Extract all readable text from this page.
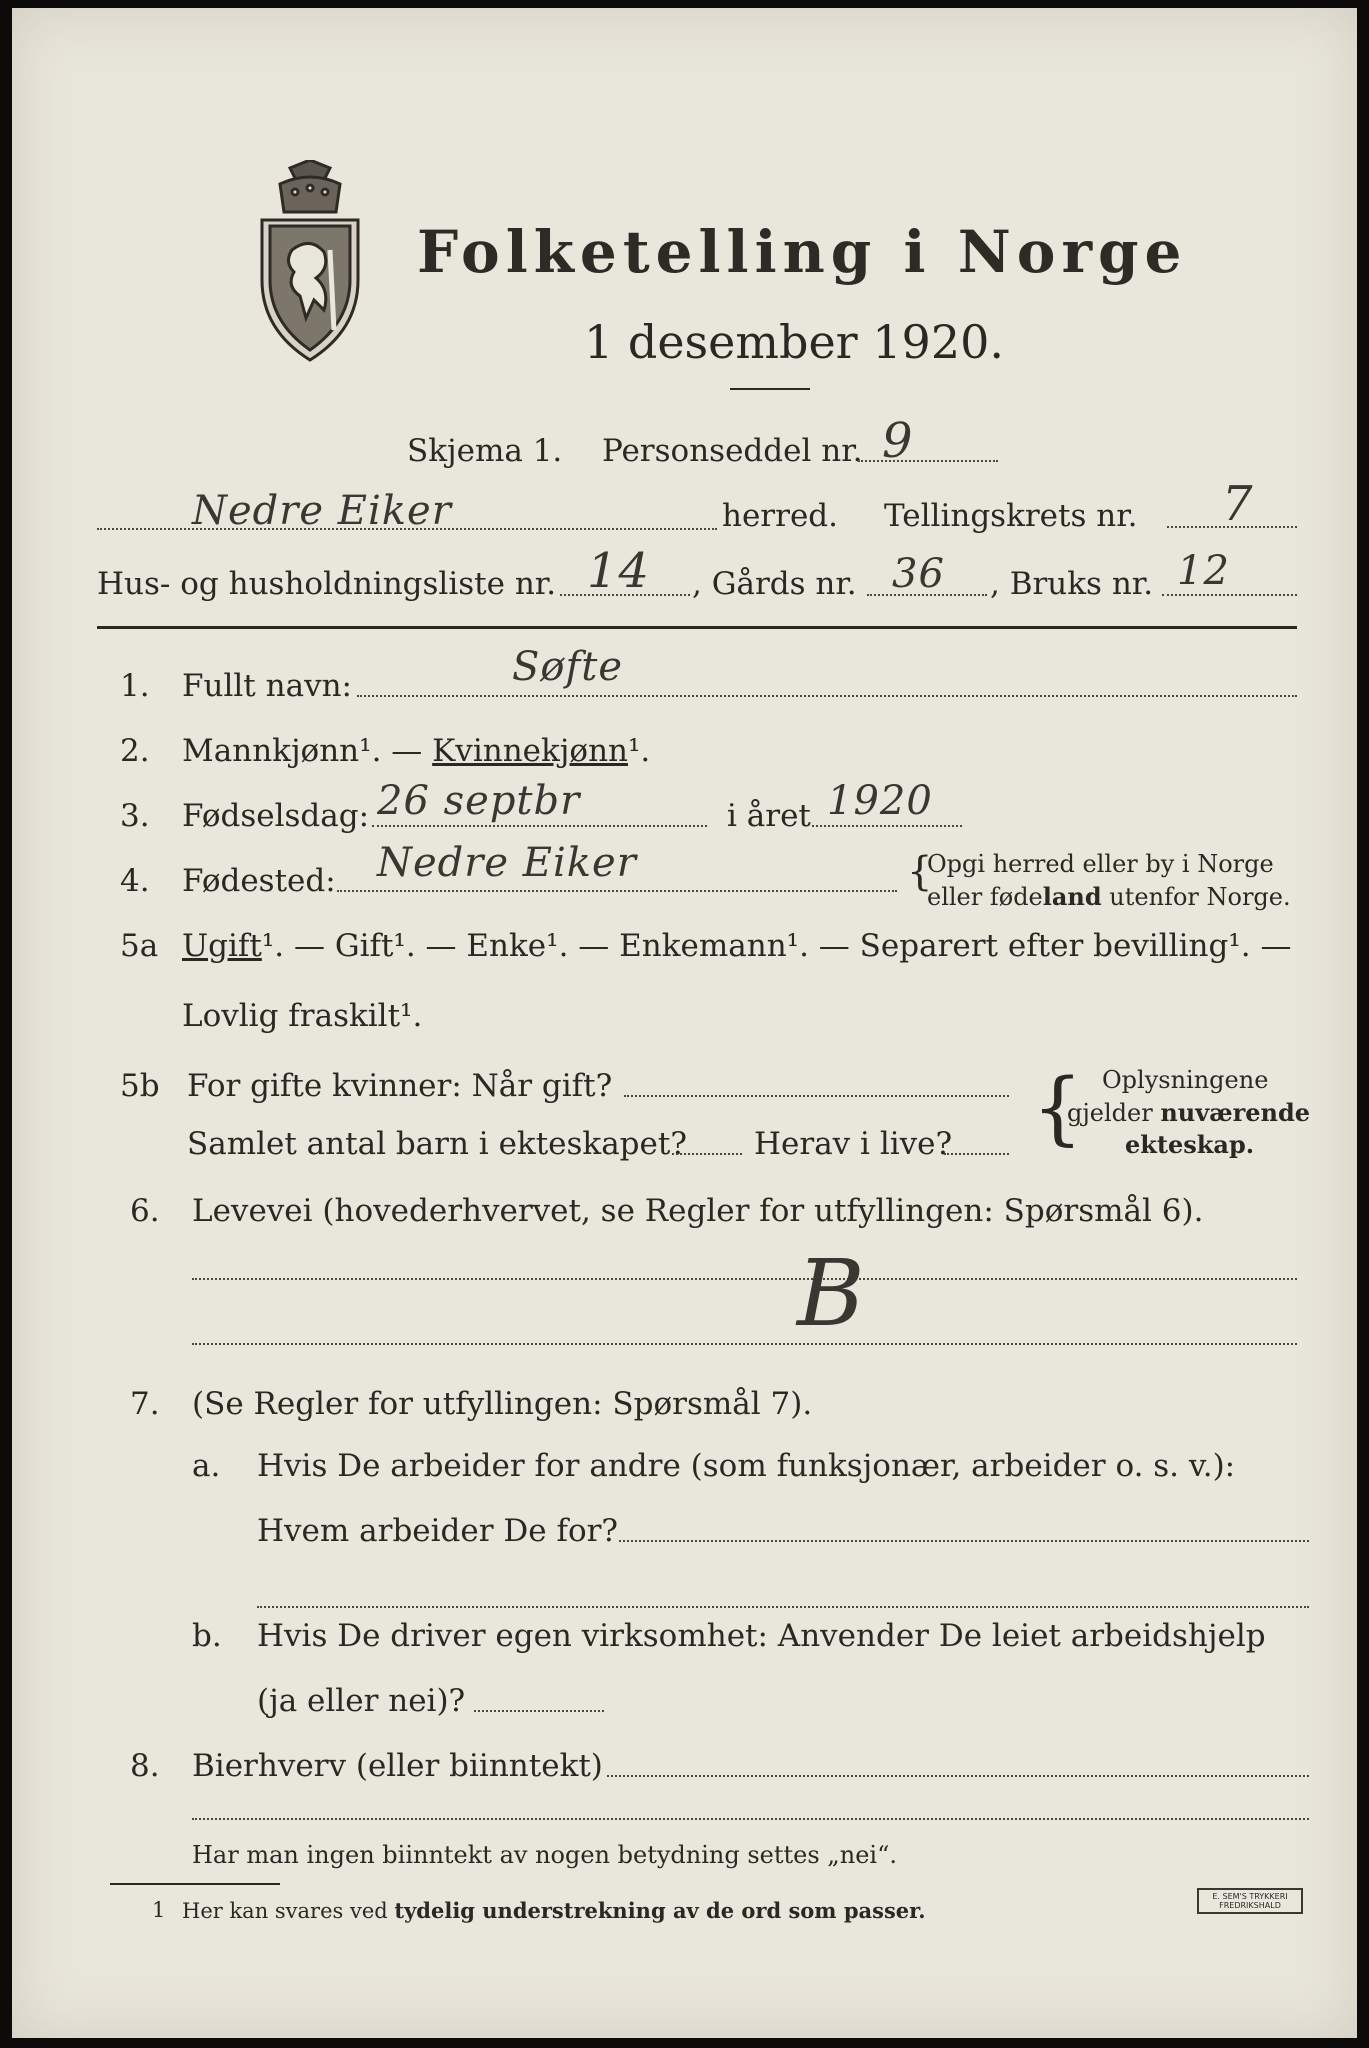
Folketelling i Norge
1 desember 1920.
Skjema 1. Personseddel nr. 9
Nedre Eiker	herred. Tellingskrets nr. 7
Hus- og husholdningsliste nr. 14 , Gårds nr. 36 , Bruks nr. 12
1. Fullt navn:	Søfte
2. Mannkjønn¹. — Kvinnekjønn¹.
3. Fødselsdag: 26 septbr	i året 1920
4. Fødested: Nedre Eiker	{
Opgi herred eller by i Norge
eller fødeland utenfor Norge.
5a Ugift¹. — Gift¹. — Enke¹. — Enkemann¹. — Separert efter bevilling¹. —
Lovlig fraskilt¹.
5b For gifte kvinner: Når gift?
Samlet antal barn i ekteskapet? Herav i live? { Oplysningene
gjelder nuværende
ekteskap.
6. Levevei (hovederhvervet, se Regler for utfyllingen: Spørsmål 6).
B
7. (Se Regler for utfyllingen: Spørsmål 7).
a. Hvis De arbeider for andre (som funksjonær, arbeider o. s. v.):
Hvem arbeider De for?
b. Hvis De driver egen virksomhet: Anvender De leiet arbeidshjelp
(ja eller nei)?
8. Bierhverv (eller biinntekt)
Har man ingen biinntekt av nogen betydning settes „nei“.
1 Her kan svares ved tydelig understrekning av de ord som passer.
E. SEM'S TRYKKERI
FREDRIKSHALD
